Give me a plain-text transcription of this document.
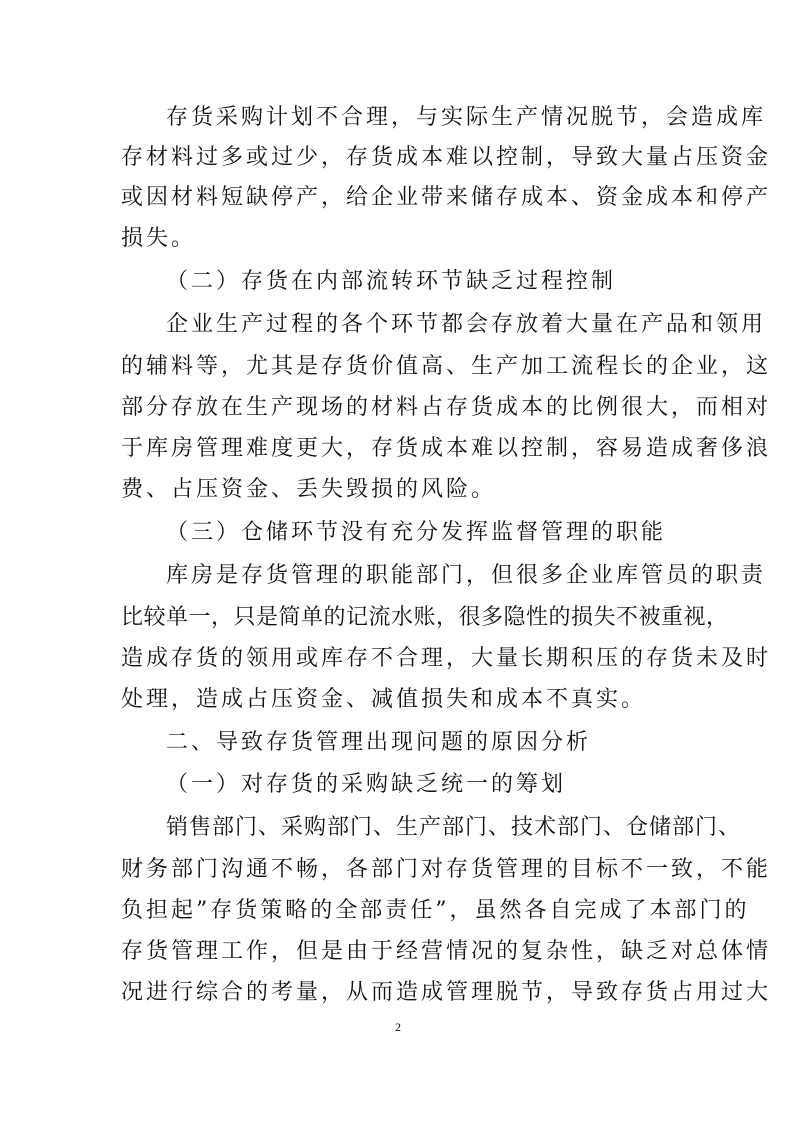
存货采购计划不合理，与实际生产情况脱节，会造成库
存材料过多或过少，存货成本难以控制，导致大量占压资金
或因材料短缺停产，给企业带来储存成本、资金成本和停产
损失。
（二）存货在内部流转环节缺乏过程控制
企业生产过程的各个环节都会存放着大量在产品和领用
的辅料等，尤其是存货价值高、生产加工流程长的企业，这
部分存放在生产现场的材料占存货成本的比例很大，而相对
于库房管理难度更大，存货成本难以控制，容易造成奢侈浪
费、占压资金、丢失毁损的风险。
（三）仓储环节没有充分发挥监督管理的职能
库房是存货管理的职能部门，但很多企业库管员的职责
比较单一，只是简单的记流水账，很多隐性的损失不被重视，
造成存货的领用或库存不合理，大量长期积压的存货未及时
处理，造成占压资金、减值损失和成本不真实。
二、导致存货管理出现问题的原因分析
（一）对存货的采购缺乏统一的筹划
销售部门、采购部门、生产部门、技术部门、仓储部门、
财务部门沟通不畅，各部门对存货管理的目标不一致，不能
负担起”存货策略的全部责任”，虽然各自完成了本部门的
存货管理工作，但是由于经营情况的复杂性，缺乏对总体情
况进行综合的考量，从而造成管理脱节，导致存货占用过大
2
